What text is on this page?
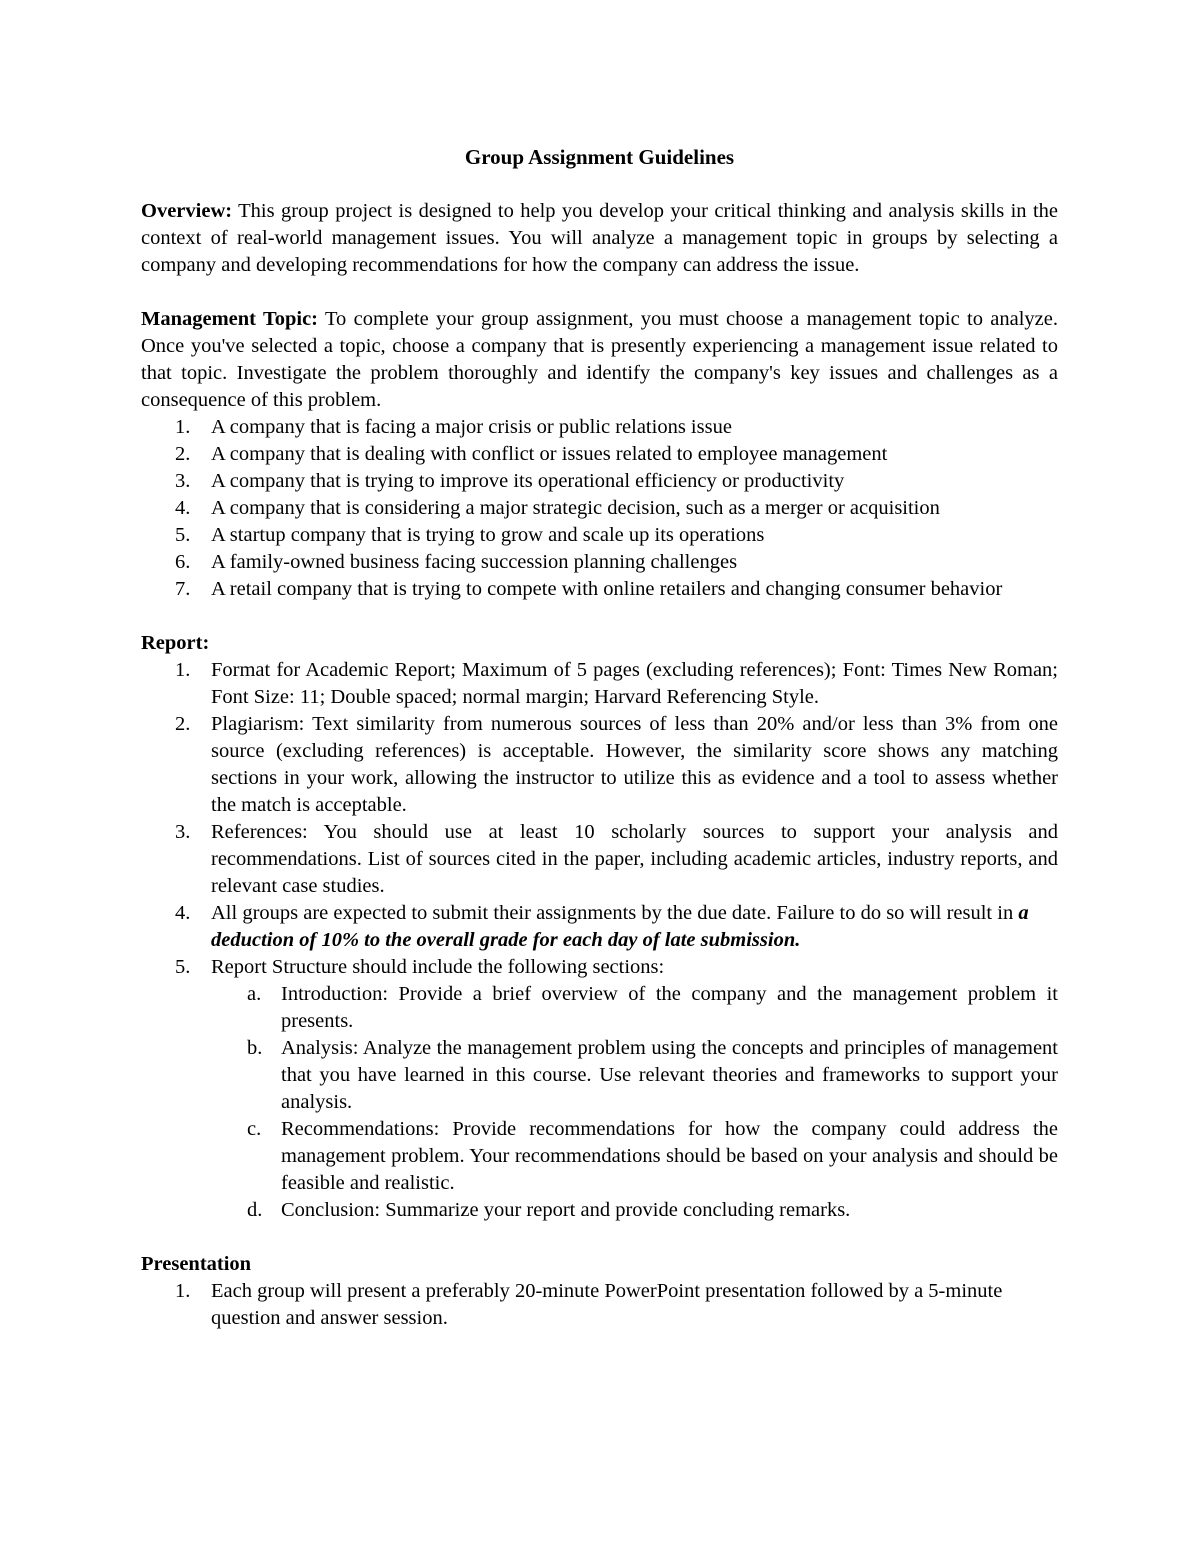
Group Assignment Guidelines

Overview: This group project is designed to help you develop your critical thinking and analysis skills in the context of real-world management issues. You will analyze a management topic in groups by selecting a company and developing recommendations for how the company can address the issue.

Management Topic: To complete your group assignment, you must choose a management topic to analyze. Once you've selected a topic, choose a company that is presently experiencing a management issue related to that topic. Investigate the problem thoroughly and identify the company's key issues and challenges as a consequence of this problem.

1. A company that is facing a major crisis or public relations issue
2. A company that is dealing with conflict or issues related to employee management
3. A company that is trying to improve its operational efficiency or productivity
4. A company that is considering a major strategic decision, such as a merger or acquisition
5. A startup company that is trying to grow and scale up its operations
6. A family-owned business facing succession planning challenges
7. A retail company that is trying to compete with online retailers and changing consumer behavior
Report:
1. Format for Academic Report; Maximum of 5 pages (excluding references); Font: Times New Roman; Font Size: 11; Double spaced; normal margin; Harvard Referencing Style.
2. Plagiarism: Text similarity from numerous sources of less than 20% and/or less than 3% from one source (excluding references) is acceptable. However, the similarity score shows any matching sections in your work, allowing the instructor to utilize this as evidence and a tool to assess whether the match is acceptable.
3. References: You should use at least 10 scholarly sources to support your analysis and recommendations. List of sources cited in the paper, including academic articles, industry reports, and relevant case studies.
4. All groups are expected to submit their assignments by the due date. Failure to do so will result in a deduction of 10% to the overall grade for each day of late submission.
5. Report Structure should include the following sections:
a. Introduction: Provide a brief overview of the company and the management problem it presents.
b. Analysis: Analyze the management problem using the concepts and principles of management that you have learned in this course. Use relevant theories and frameworks to support your analysis.
c. Recommendations: Provide recommendations for how the company could address the management problem. Your recommendations should be based on your analysis and should be feasible and realistic.
d. Conclusion: Summarize your report and provide concluding remarks.
Presentation
1. Each group will present a preferably 20-minute PowerPoint presentation followed by a 5-minute question and answer session.
